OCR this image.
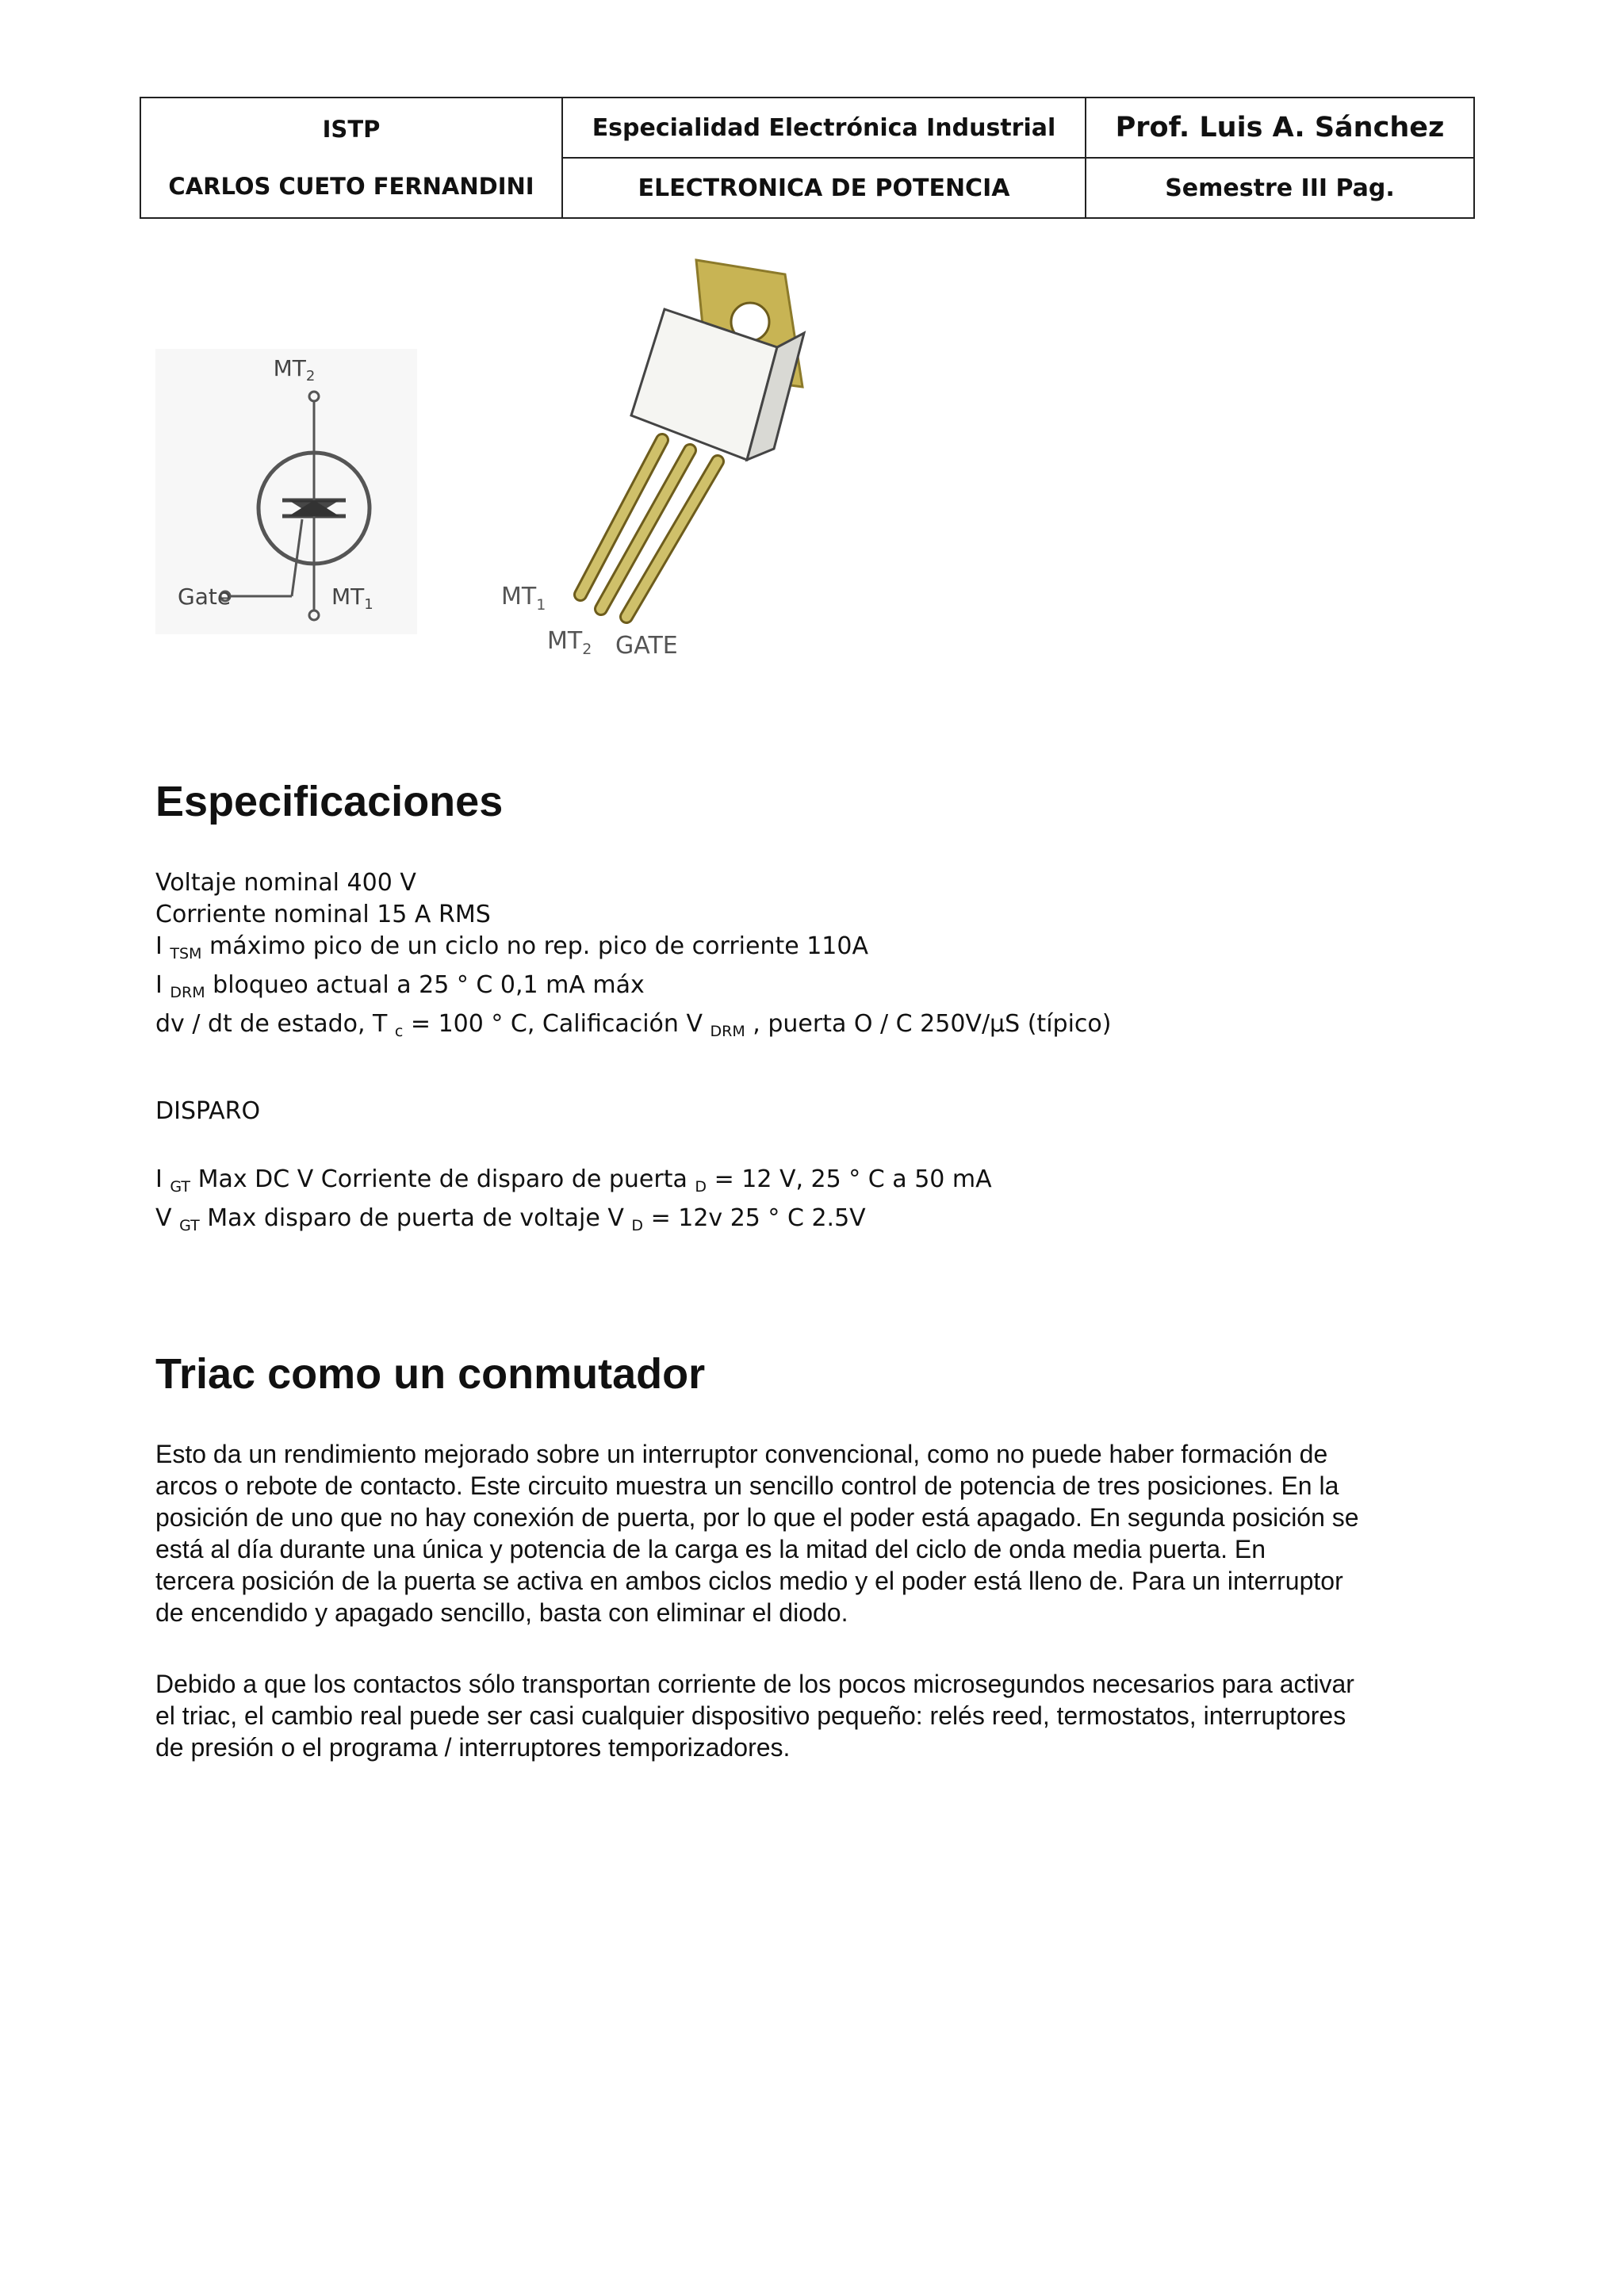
ISTP
CARLOS CUETO FERNANDINI	Especialidad Electrónica Industrial	Prof. Luis A. Sánchez
	ELECTRONICA DE POTENCIA	Semestre III Pag.
$MT_2$
Gate	$MT_1$	$MT_1$
$MT_2$ GATE
Especificaciones
Voltaje nominal 400 V
Corriente nominal 15 A RMS
I $_{TSM}$ máximo pico de un ciclo no rep. pico de corriente 110A
I $_{DRM}$ bloqueo actual a 25 ° C 0,1 mA máx
dv / dt de estado, T $_c$ = 100 ° C, Calificación V $_{DRM}$ , puerta O / C 250V/μS (típico)
DISPARO
I $_{GT}$ Max DC V Corriente de disparo de puerta $_D$ = 12 V, 25 ° C a 50 mA
V $_{GT}$ Max disparo de puerta de voltaje V $_D$ = 12v 25 ° C 2.5V
Triac como un conmutador

Esto da un rendimiento mejorado sobre un interruptor convencional, como no puede haber formación de
arcos o rebote de contacto. Este circuito muestra un sencillo control de potencia de tres posiciones. En la
posición de uno que no hay conexión de puerta, por lo que el poder está apagado. En segunda posición se
está al día durante una única y potencia de la carga es la mitad del ciclo de onda media puerta. En
tercera posición de la puerta se activa en ambos ciclos medio y el poder está lleno de. Para un interruptor
de encendido y apagado sencillo, basta con eliminar el diodo.

Debido a que los contactos sólo transportan corriente de los pocos microsegundos necesarios para activar
el triac, el cambio real puede ser casi cualquier dispositivo pequeño: relés reed, termostatos, interruptores
de presión o el programa / interruptores temporizadores.
